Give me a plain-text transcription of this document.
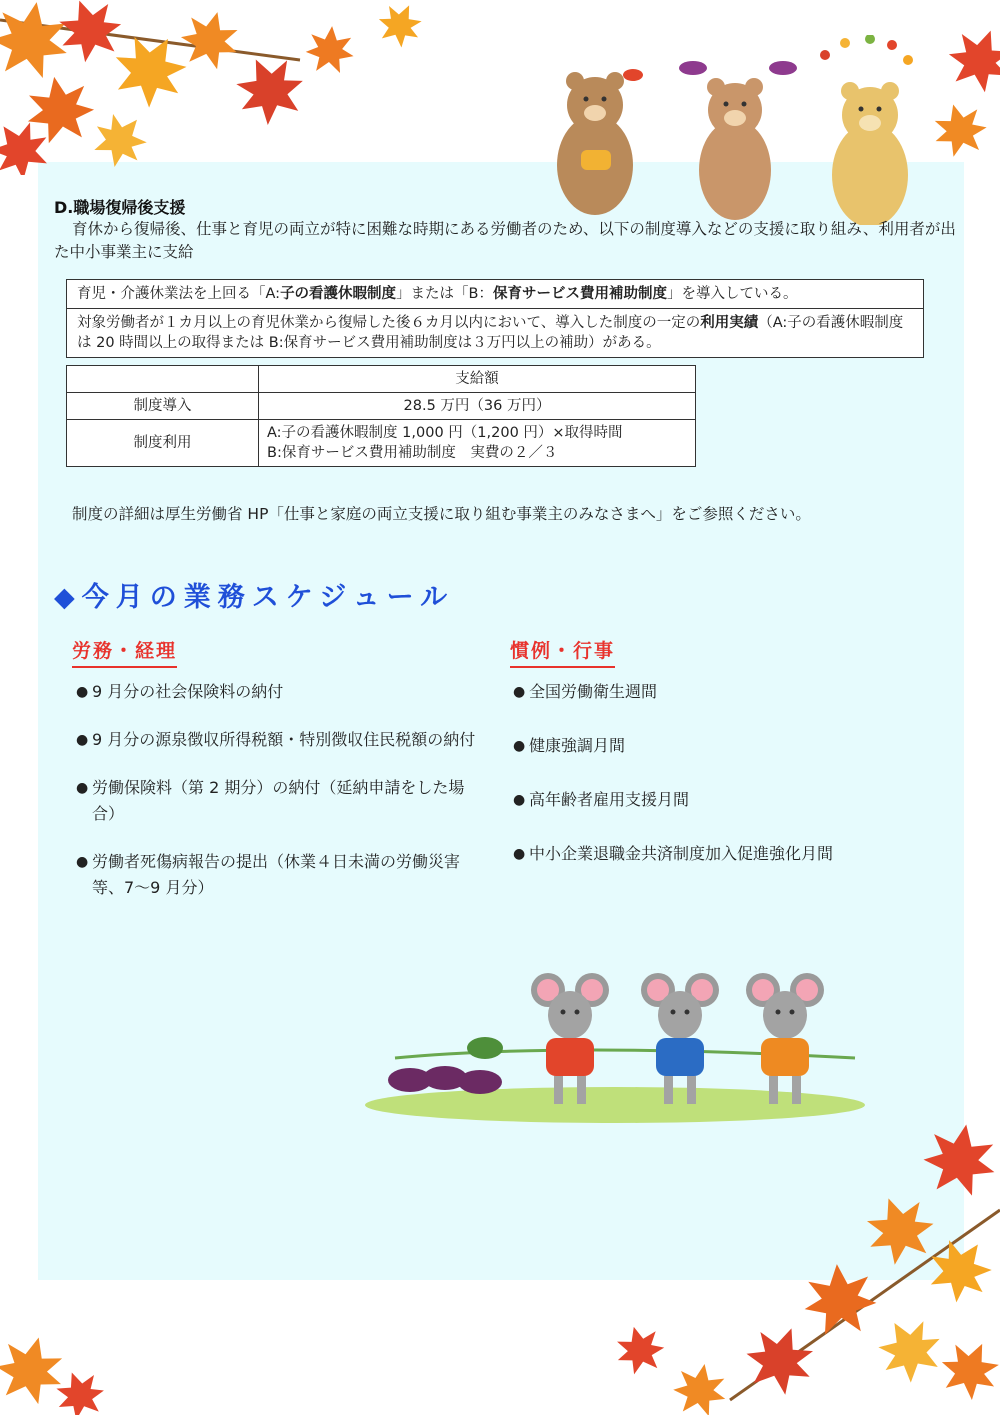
D.職場復帰後支援
育休から復帰後、仕事と育児の両立が特に困難な時期にある労働者のため、以下の制度導入などの支援に取り組み、利用者が出た中小事業主に支給
育児・介護休業法を上回る「A:子の看護休暇制度」または「B：保育サービス費用補助制度」を導入している。
対象労働者が１カ月以上の育児休業から復帰した後６カ月以内において、導入した制度の一定の利用実績（A:子の看護休暇制度は 20 時間以上の取得または B:保育サービス費用補助制度は３万円以上の補助）がある。
	支給額
制度導入	28.5 万円（36 万円）
制度利用	A:子の看護休暇制度 1,000 円（1,200 円）×取得時間
B:保育サービス費用補助制度　実費の２／３
制度の詳細は厚生労働省 HP「仕事と家庭の両立支援に取り組む事業主のみなさまへ」をご参照ください。
◆今月の業務スケジュール
労務・経理
● 9 月分の社会保険料の納付
● 9 月分の源泉徴収所得税額・特別徴収住民税額の納付
● 労働保険料（第 2 期分）の納付（延納申請をした場合）
● 労働者死傷病報告の提出（休業４日未満の労働災害等、7〜9 月分）
慣例・行事
● 全国労働衛生週間
● 健康強調月間
● 高年齢者雇用支援月間
● 中小企業退職金共済制度加入促進強化月間
